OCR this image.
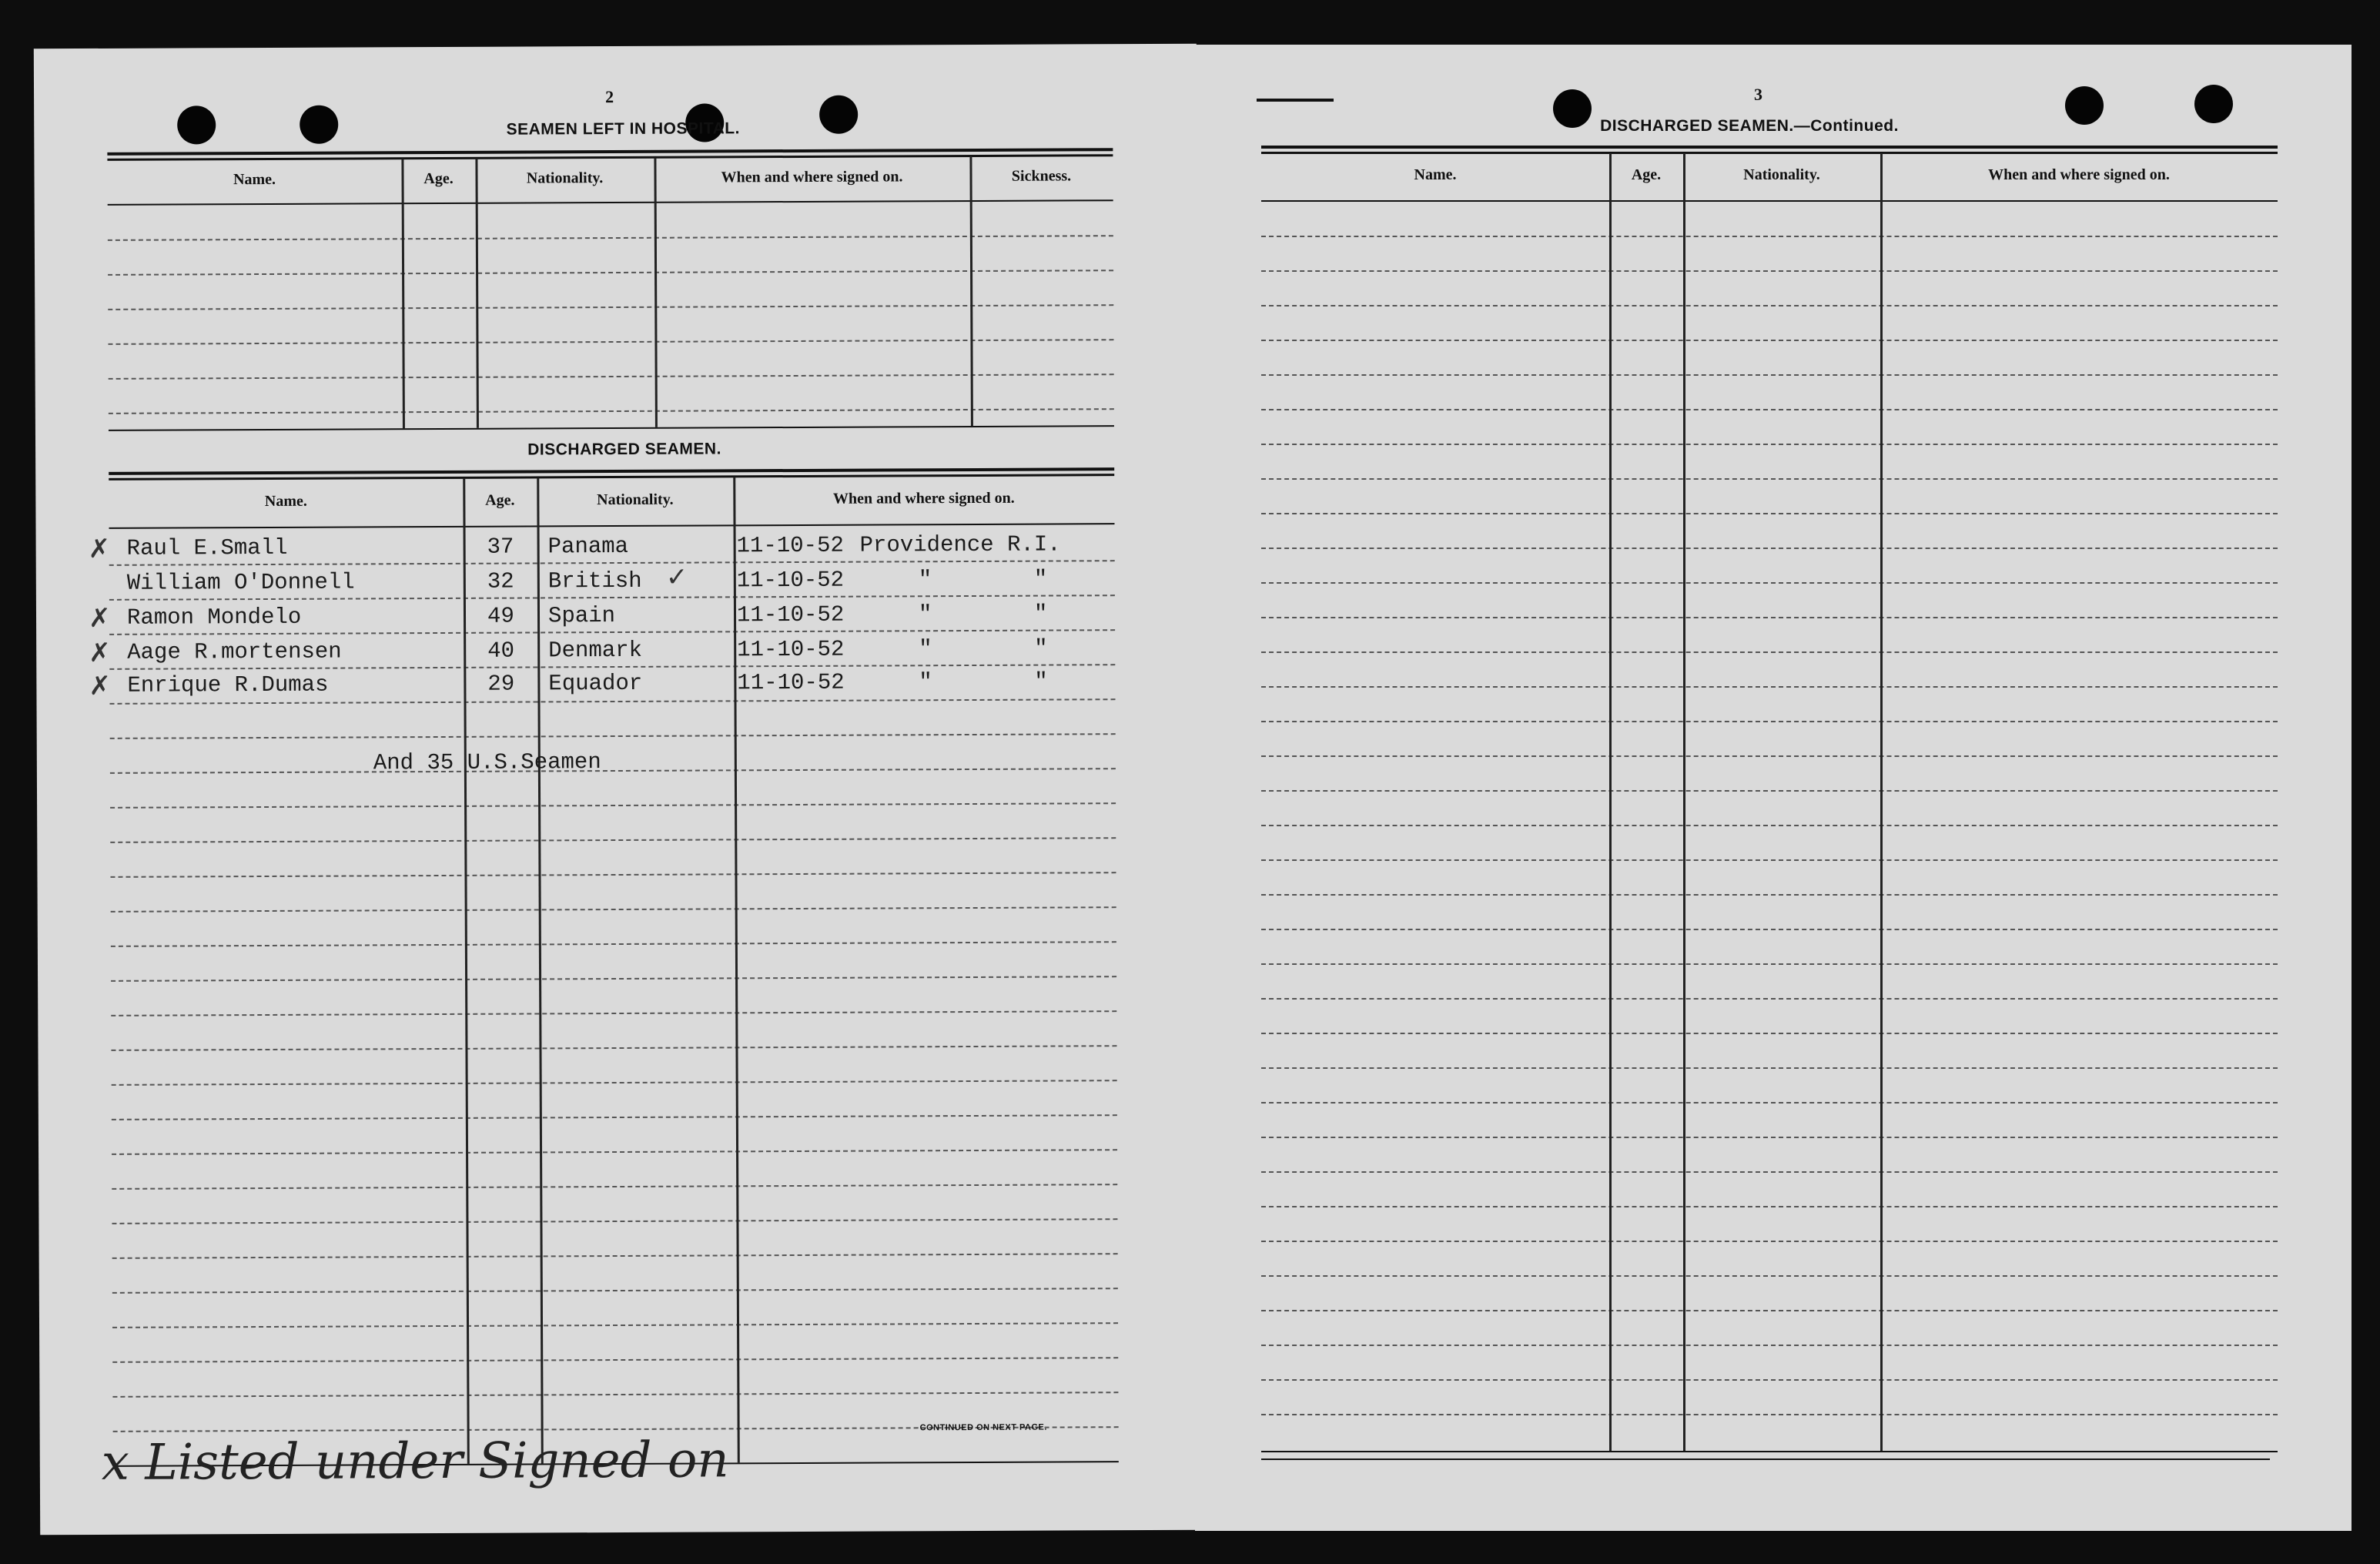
2
SEAMEN LEFT IN HOSPITAL.
Name.	Age.	Nationality.	When and where signed on.	Sickness.
DISCHARGED SEAMEN.
Name.	Age.	Nationality.	When and where signed on.
✗ Raul E.Small	37 Panama	11-10-52 Providence R.I.
William O'Donnell	32 British ✓ 11-10-52	"	"
✗ Ramon Mondelo	49 Spain	11-10-52	"	"
✗ Aage R.mortensen	40 Denmark	11-10-52	"	"
✗ Enrique R.Dumas	29 Equador	11-10-52	"	"
And 35 U.S.Seamen
CONTINUED ON NEXT PAGE.
x Listed under Signed on
3
DISCHARGED SEAMEN.—Continued.
Name.	Age.	Nationality.	When and where signed on.
